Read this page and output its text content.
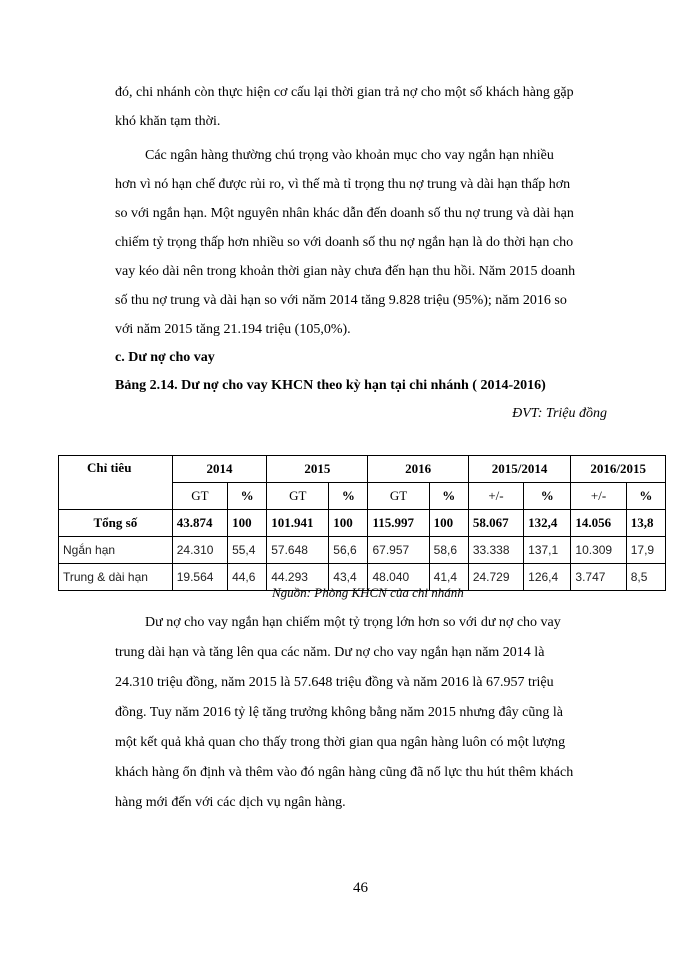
đó, chi nhánh còn thực hiện cơ cấu lại thời gian trả nợ cho một số khách hàng gặp
khó khăn tạm thời.
Các ngân hàng thường chú trọng vào khoản mục cho vay ngắn hạn nhiều
hơn vì nó hạn chế được rủi ro, vì thế mà tỉ trọng thu nợ trung và dài hạn thấp hơn
so với ngắn hạn. Một nguyên nhân khác dẫn đến doanh số thu nợ trung và dài hạn
chiếm tỷ trọng thấp hơn nhiều so với doanh số thu nợ ngắn hạn là do thời hạn cho
vay kéo dài nên trong khoản thời gian này chưa đến hạn thu hồi. Năm 2015 doanh
số thu nợ trung và dài hạn so với năm 2014 tăng 9.828 triệu (95%); năm 2016 so
với năm 2015 tăng 21.194 triệu (105,0%).
c. Dư nợ cho vay
Bảng 2.14. Dư nợ cho vay KHCN theo kỳ hạn tại chi nhánh ( 2014-2016)
ĐVT: Triệu đồng
Chỉ tiêu	2014		2015		2016		2015/2014		2016/2015	
	GT	%	GT	%	GT	%	+/-	%	+/-	%
Tổng số	43.874	100	101.941	100	115.997	100	58.067	132,4	14.056	13,8
Ngắn hạn	24.310	55,4	57.648	56,6	67.957	58,6	33.338	137,1	10.309	17,9
Trung & dài hạn	19.564	44,6	44.293	43,4	48.040	41,4	24.729	126,4	3.747	8,5
Nguồn: Phòng KHCN của chi nhánh
Dư nợ cho vay ngắn hạn chiếm một tỷ trọng lớn hơn so với dư nợ cho vay
trung dài hạn và tăng lên qua các năm. Dư nợ cho vay ngắn hạn năm 2014 là
24.310 triệu đồng, năm 2015 là 57.648 triệu đồng và năm 2016 là 67.957 triệu
đồng. Tuy năm 2016 tỷ lệ tăng trưởng không bằng năm 2015 nhưng đây cũng là
một kết quả khả quan cho thấy trong thời gian qua ngân hàng luôn có một lượng
khách hàng ổn định và thêm vào đó ngân hàng cũng đã nổ lực thu hút thêm khách
hàng mới đến với các dịch vụ ngân hàng.
46
